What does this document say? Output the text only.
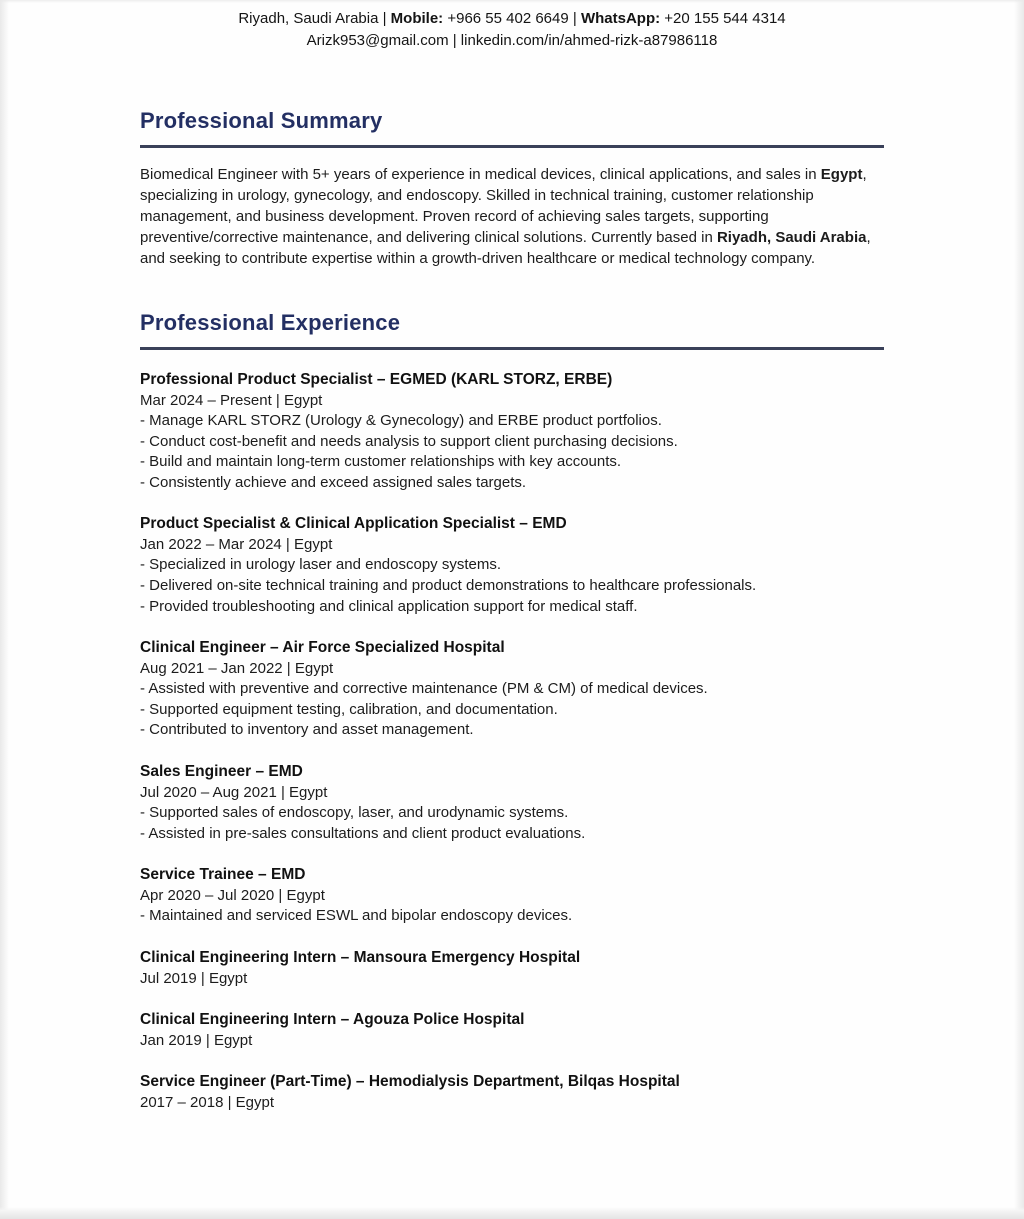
Riyadh, Saudi Arabia | Mobile: +966 55 402 6649 | WhatsApp: +20 155 544 4314
Arizk953@gmail.com | linkedin.com/in/ahmed-rizk-a87986118
Professional Summary
Biomedical Engineer with 5+ years of experience in medical devices, clinical applications, and sales in Egypt, specializing in urology, gynecology, and endoscopy. Skilled in technical training, customer relationship management, and business development. Proven record of achieving sales targets, supporting preventive/corrective maintenance, and delivering clinical solutions. Currently based in Riyadh, Saudi Arabia, and seeking to contribute expertise within a growth-driven healthcare or medical technology company.
Professional Experience
Professional Product Specialist – EGMED (KARL STORZ, ERBE)
Mar 2024 – Present | Egypt
- Manage KARL STORZ (Urology & Gynecology) and ERBE product portfolios.
- Conduct cost-benefit and needs analysis to support client purchasing decisions.
- Build and maintain long-term customer relationships with key accounts.
- Consistently achieve and exceed assigned sales targets.
Product Specialist & Clinical Application Specialist – EMD
Jan 2022 – Mar 2024 | Egypt
- Specialized in urology laser and endoscopy systems.
- Delivered on-site technical training and product demonstrations to healthcare professionals.
- Provided troubleshooting and clinical application support for medical staff.
Clinical Engineer – Air Force Specialized Hospital
Aug 2021 – Jan 2022 | Egypt
- Assisted with preventive and corrective maintenance (PM & CM) of medical devices.
- Supported equipment testing, calibration, and documentation.
- Contributed to inventory and asset management.
Sales Engineer – EMD
Jul 2020 – Aug 2021 | Egypt
- Supported sales of endoscopy, laser, and urodynamic systems.
- Assisted in pre-sales consultations and client product evaluations.
Service Trainee – EMD
Apr 2020 – Jul 2020 | Egypt
- Maintained and serviced ESWL and bipolar endoscopy devices.
Clinical Engineering Intern – Mansoura Emergency Hospital
Jul 2019 | Egypt
Clinical Engineering Intern – Agouza Police Hospital
Jan 2019 | Egypt
Service Engineer (Part-Time) – Hemodialysis Department, Bilqas Hospital
2017 – 2018 | Egypt
